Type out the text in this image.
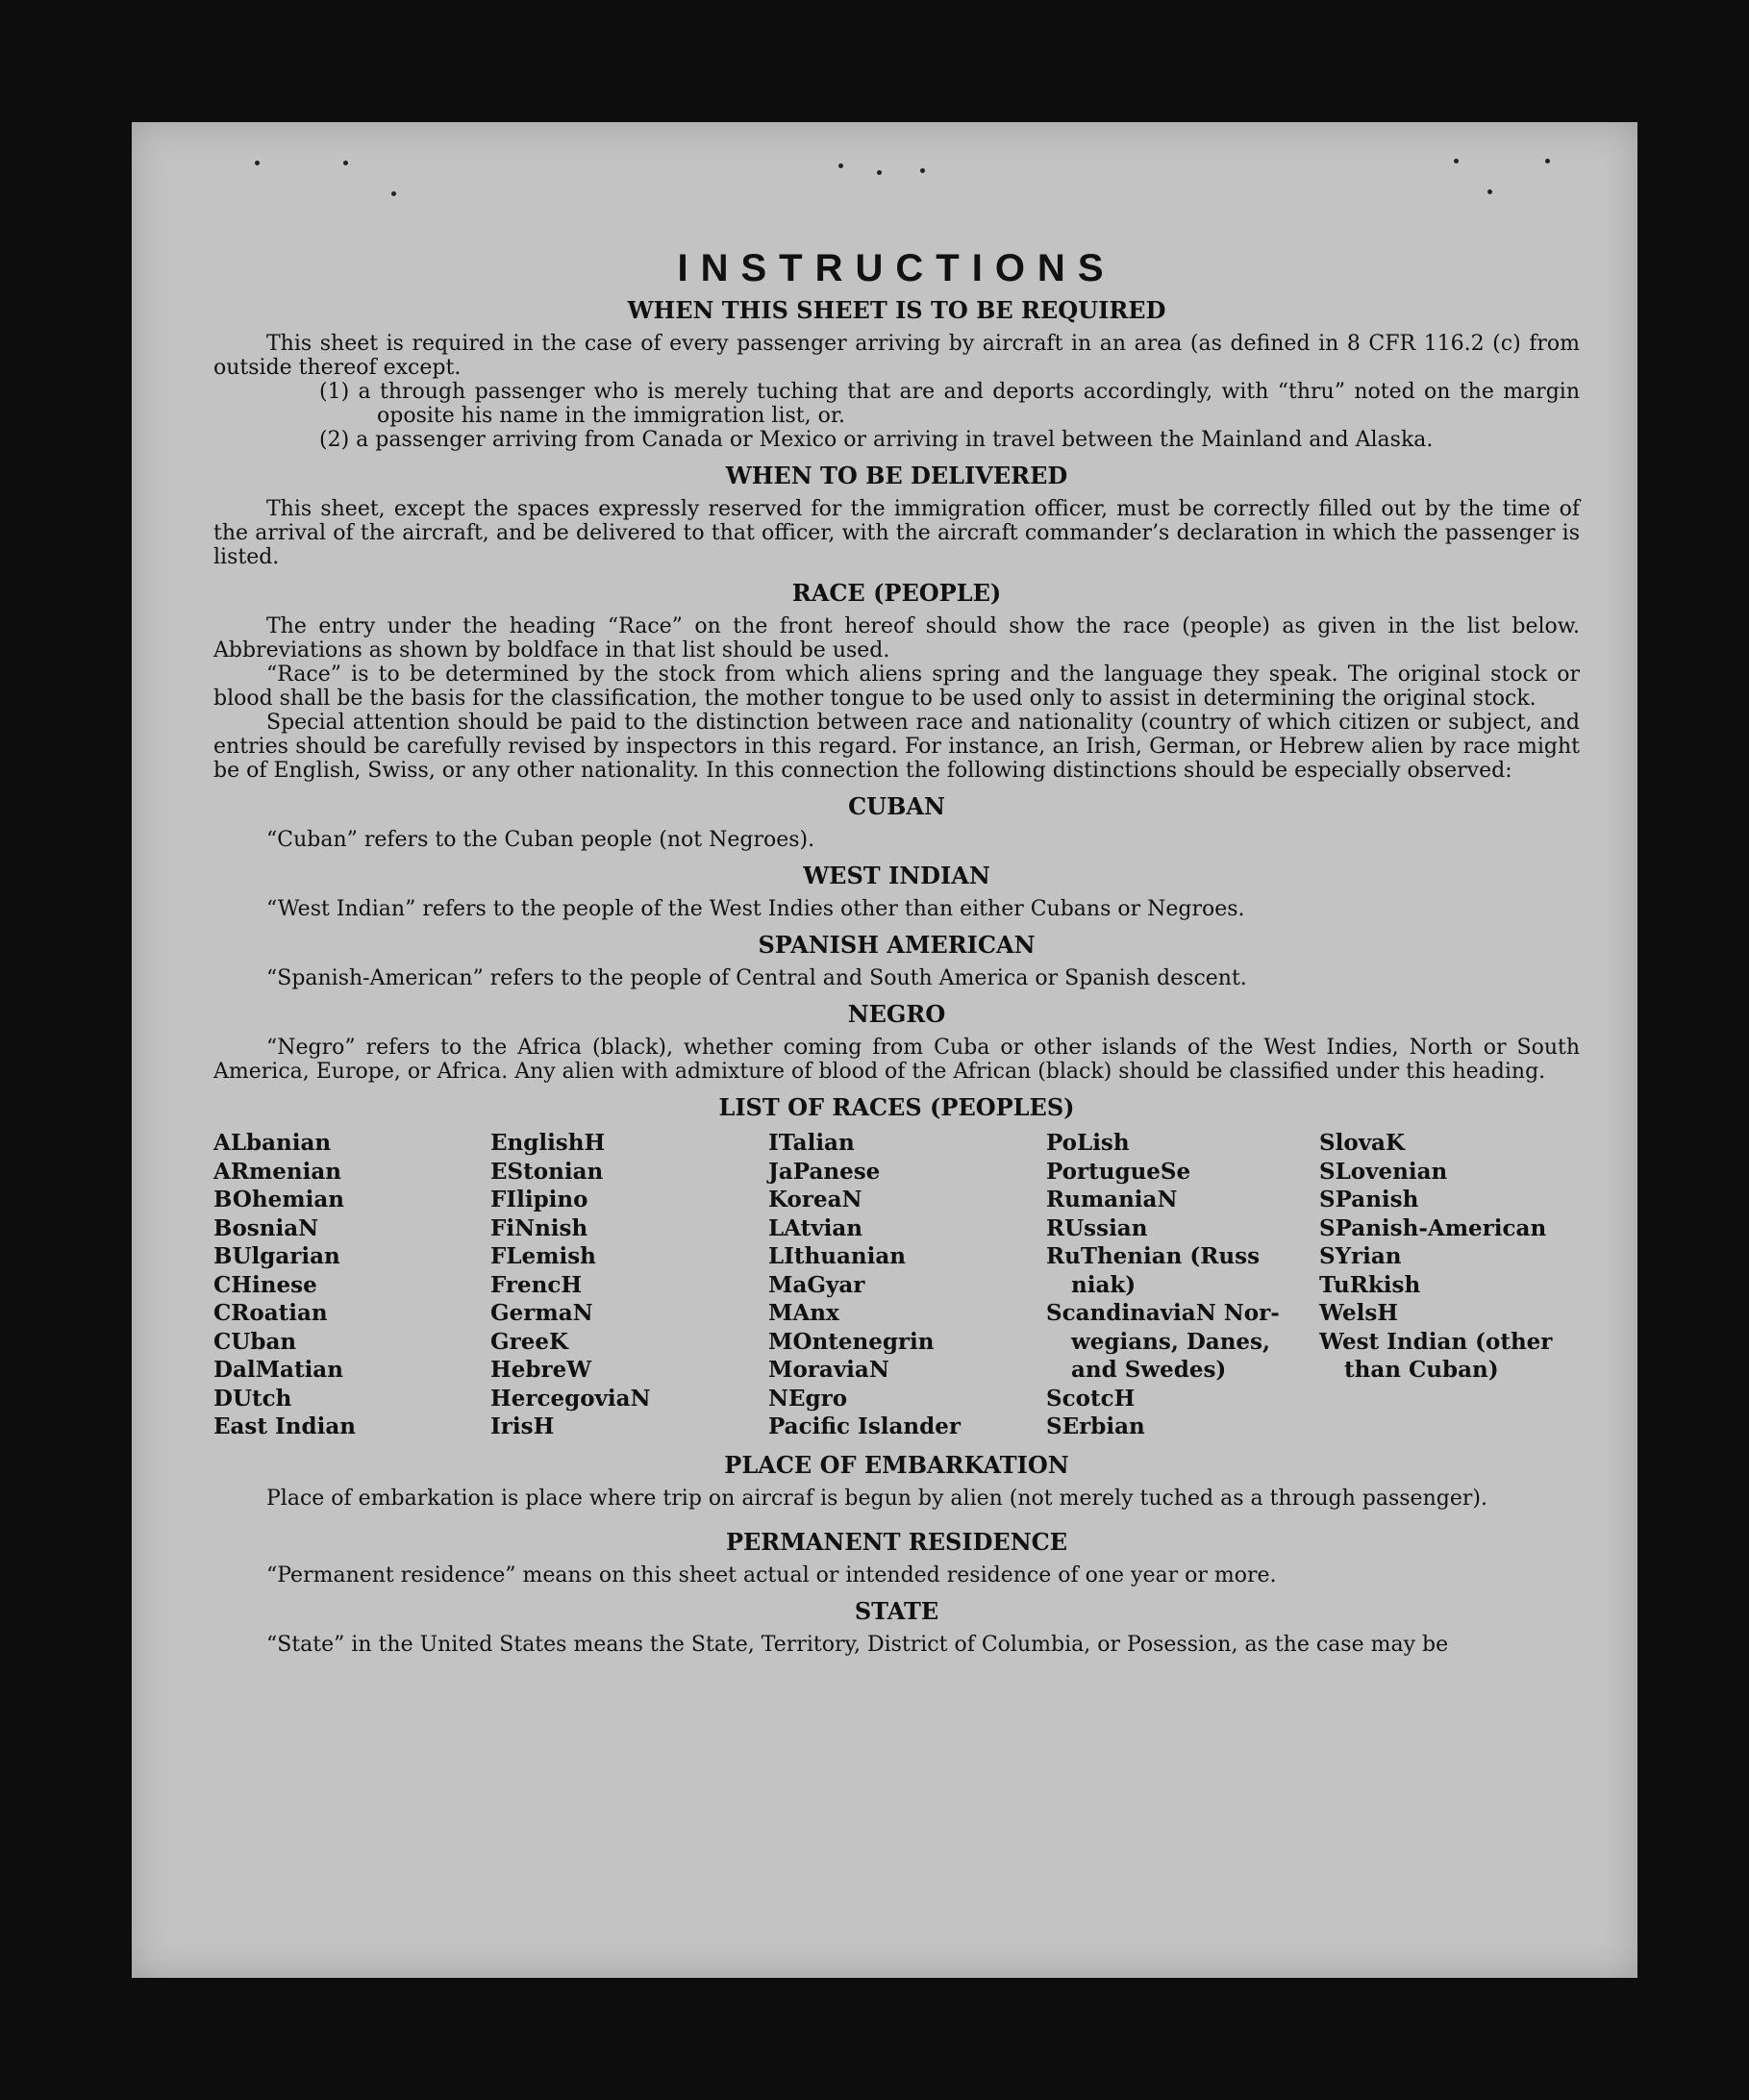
INSTRUCTIONS
WHEN THIS SHEET IS TO BE REQUIRED

This sheet is required in the case of every passenger arriving by aircraft in an area (as defined in 8 CFR 116.2 (c) from outside thereof except.

(1) a through passenger who is merely tuching that are and deports accordingly, with “thru” noted on the margin oposite his name in the immigration list, or.

(2) a passenger arriving from Canada or Mexico or arriving in travel between the Mainland and Alaska.

WHEN TO BE DELIVERED

This sheet, except the spaces expressly reserved for the immigration officer, must be correctly filled out by the time of the arrival of the aircraft, and be delivered to that officer, with the aircraft commander’s declaration in which the passenger is listed.

RACE (PEOPLE)

The entry under the heading “Race” on the front hereof should show the race (people) as given in the list below. Abbreviations as shown by boldface in that list should be used.

“Race” is to be determined by the stock from which aliens spring and the language they speak. The original stock or blood shall be the basis for the classification, the mother tongue to be used only to assist in determining the original stock.

Special attention should be paid to the distinction between race and nationality (country of which citizen or subject, and entries should be carefully revised by inspectors in this regard. For instance, an Irish, German, or Hebrew alien by race might be of English, Swiss, or any other nationality. In this connection the following distinctions should be especially observed:

CUBAN

“Cuban” refers to the Cuban people (not Negroes).

WEST INDIAN

“West Indian” refers to the people of the West Indies other than either Cubans or Negroes.

SPANISH AMERICAN

“Spanish-American” refers to the people of Central and South America or Spanish descent.

NEGRO

“Negro” refers to the Africa (black), whether coming from Cuba or other islands of the West Indies, North or South America, Europe, or Africa. Any alien with admixture of blood of the African (black) should be classified under this heading.

LIST OF RACES (PEOPLES)
ALbanian
ARmenian
BOhemian
BosniaN
BUlgarian
CHinese
CRoatian
CUban
DalMatian
DUtch
East Indian
EnglishH
EStonian
FIlipino
FiNnish
FLemish
FrencH
GermaN
GreeK
HebreW
HercegoviaN
IrisH
ITalian
JaPanese
KoreaN
LAtvian
LIthuanian
MaGyar
MAnx
MOntenegrin
MoraviaN
NEgro
Pacific Islander
PoLish
PortugueSe
RumaniaN
RUssian
RuThenian (Russ
niak)
ScandinaviaN Nor-
wegians, Danes,
and Swedes)
ScotcH
SErbian
SlovaK
SLovenian
SPanish
SPanish-American
SYrian
TuRkish
WelsH
West Indian (other
than Cuban)
PLACE OF EMBARKATION

Place of embarkation is place where trip on aircraf is begun by alien (not merely tuched as a through passenger).

PERMANENT RESIDENCE

“Permanent residence” means on this sheet actual or intended residence of one year or more.

STATE

“State” in the United States means the State, Territory, District of Columbia, or Posession, as the case may be
